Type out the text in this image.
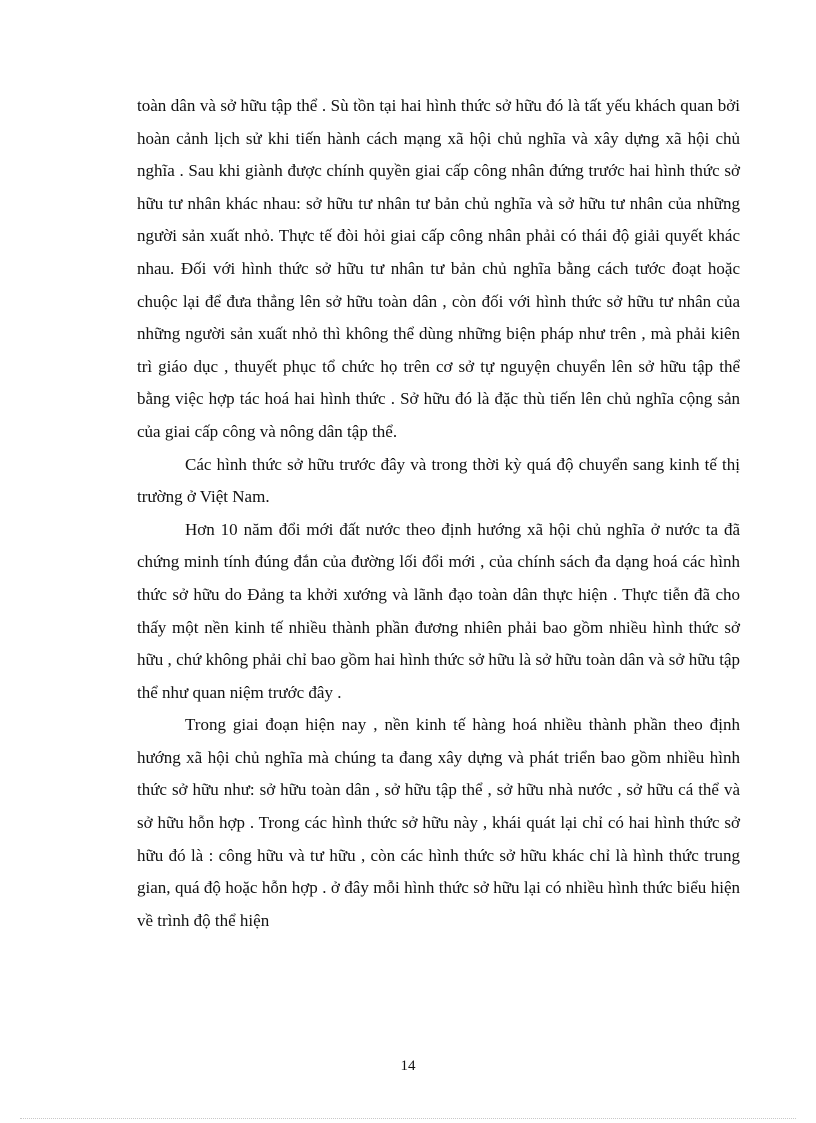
toàn dân và sở hữu tập thể . Sù tồn tại hai hình thức sở hữu đó là tất yếu khách quan bởi hoàn cảnh lịch sử khi tiến hành cách mạng xã hội chủ nghĩa và xây dựng xã hội chủ nghĩa . Sau khi giành được chính quyền giai cấp công nhân đứng trước hai hình thức sở hữu tư nhân khác nhau: sở hữu tư nhân tư bản chủ nghĩa và sở hữu tư nhân của những người sản xuất nhỏ. Thực tế đòi hỏi giai cấp công nhân phải có thái độ giải quyết khác nhau. Đối với hình thức sở hữu tư nhân tư bản chủ nghĩa bằng cách tước đoạt hoặc chuộc lại để đưa thẳng lên sở hữu toàn dân , còn đối với hình thức sở hữu tư nhân của những người sản xuất nhỏ thì không thể dùng những biện pháp như trên , mà phải kiên trì giáo dục , thuyết phục tổ chức họ trên cơ sở tự nguyện chuyển lên sở hữu tập thể bằng việc hợp tác hoá hai hình thức . Sở hữu đó là đặc thù tiến lên chủ nghĩa cộng sản của giai cấp công và nông dân tập thể.

Các hình thức sở hữu trước đây và trong thời kỳ quá độ chuyển sang kinh tế thị trường ở Việt Nam.

Hơn 10 năm đổi mới đất nước theo định hướng xã hội chủ nghĩa ở nước ta đã chứng minh tính đúng đắn của đường lối đổi mới , của chính sách đa dạng hoá các hình thức sở hữu do Đảng ta khởi xướng và lãnh đạo toàn dân thực hiện . Thực tiễn đã cho thấy một nền kinh tế nhiều thành phần đương nhiên phải bao gồm nhiều hình thức sở hữu , chứ không phải chỉ bao gồm hai hình thức sở hữu là sở hữu toàn dân và sở hữu tập thể như quan niệm trước đây .

Trong giai đoạn hiện nay , nền kinh tế hàng hoá nhiều thành phần theo định hướng xã hội chủ nghĩa mà chúng ta đang xây dựng và phát triển bao gồm nhiều hình thức sở hữu như: sở hữu toàn dân , sở hữu tập thể , sở hữu nhà nước , sở hữu cá thể và sở hữu hỗn hợp . Trong các hình thức sở hữu này , khái quát lại chỉ có hai hình thức sở hữu đó là : công hữu và tư hữu , còn các hình thức sở hữu khác chỉ là hình thức trung gian, quá độ hoặc hỗn hợp . ở đây mỗi hình thức sở hữu lại có nhiều hình thức biểu hiện về trình độ thể hiện

14
